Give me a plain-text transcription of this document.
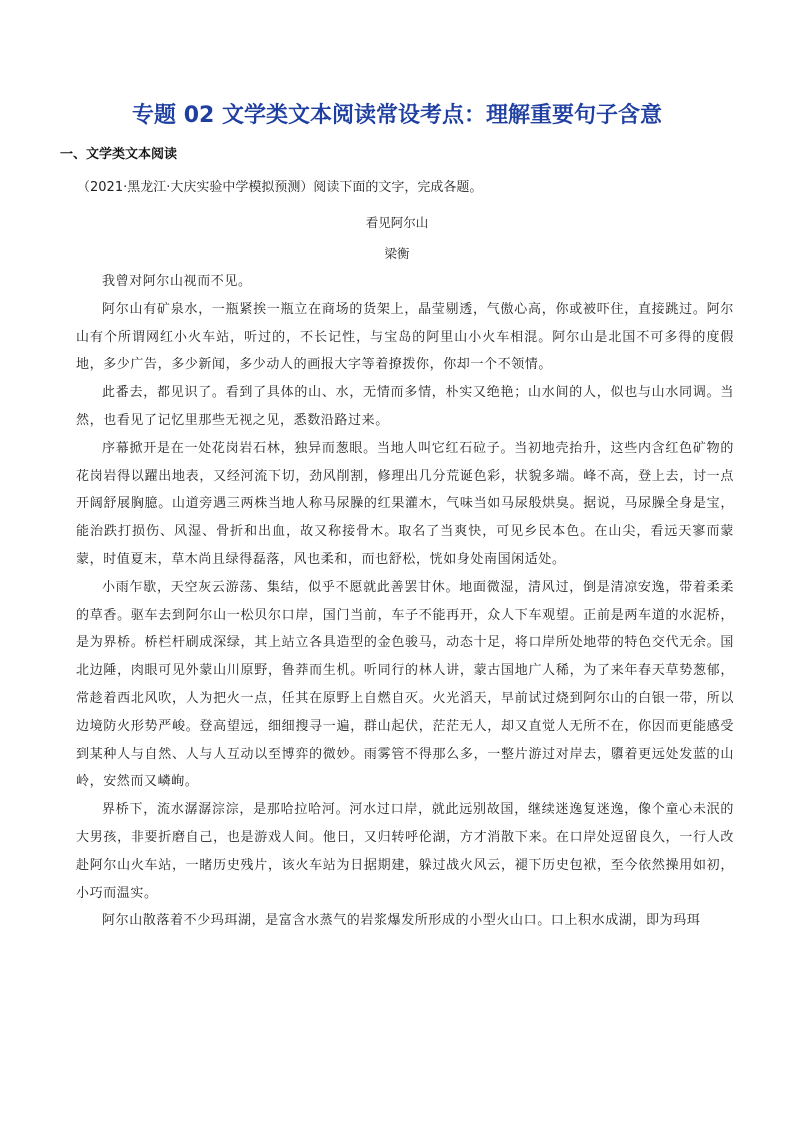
专题 02 文学类文本阅读常设考点：理解重要句子含意
一、文学类文本阅读
（2021·黑龙江·大庆实验中学模拟预测）阅读下面的文字，完成各题。
看见阿尔山
梁衡

我曾对阿尔山视而不见。

阿尔山有矿泉水，一瓶紧挨一瓶立在商场的货架上，晶莹剔透，气傲心高，你或被吓住，直接跳过。阿尔山有个所谓网红小火车站，听过的，不长记性，与宝岛的阿里山小火车相混。阿尔山是北国不可多得的度假地，多少广告，多少新闻，多少动人的画报大字等着撩拨你，你却一个不领情。

此番去，都见识了。看到了具体的山、水，无情而多情，朴实又绝艳；山水间的人，似也与山水同调。当然，也看见了记忆里那些无视之见，悉数沿路过来。

序幕掀开是在一处花岗岩石林，独异而葱眼。当地人叫它红石砬子。当初地壳抬升，这些内含红色矿物的花岗岩得以躍出地表，又经河流下切，劲风削割，修理出几分荒诞色彩，状貌多端。峰不高，登上去，讨一点开阔舒展胸臆。山道旁遇三两株当地人称马尿臊的红果灌木，气味当如马尿般烘臭。据说，马尿臊全身是宝，能治跌打损伤、风湿、骨折和出血，故又称接骨木。取名了当爽快，可见乡民本色。在山尖，看远天寥而蒙蒙，时值夏末，草木尚且绿得磊落，风也柔和，而也舒松，恍如身处南国闲适处。

小雨乍歇，天空灰云游荡、集结，似乎不愿就此善罢甘休。地面微湿，清风过，倒是清凉安逸，带着柔柔的草香。驱车去到阿尔山一松贝尔口岸，国门当前，车子不能再开，众人下车观望。正前是两车道的水泥桥，是为界桥。桥栏杆刷成深绿，其上站立各具造型的金色骏马，动态十足，将口岸所处地带的特色交代无余。国北边陲，肉眼可见外蒙山川原野，鲁莽而生机。听同行的林人讲，蒙古国地广人稀，为了来年春天草势葱郁，常趁着西北风吹，人为把火一点，任其在原野上自燃自灭。火光滔天，早前试过烧到阿尔山的白银一带，所以边境防火形势严峻。登高望远，细细搜寻一遍，群山起伏，茫茫无人，却又直觉人无所不在，你因而更能感受到某种人与自然、人与人互动以至博弈的微妙。雨雾管不得那么多，一整片游过对岸去，隳着更远处发蓝的山岭，安然而又嶙峋。

界桥下，流水潺潺淙淙，是那哈拉哈河。河水过口岸，就此远别故国，继续迷逸复迷逸，像个童心未泯的大男孩，非要折磨自己，也是游戏人间。他日，又归转呼伦湖，方才消散下来。在口岸处逗留良久，一行人改赴阿尔山火车站，一睹历史残片，该火车站为日据期建，躲过战火风云，褪下历史包袱，至今依然操用如初，小巧而温实。

阿尔山散落着不少玛珥湖，是富含水蒸气的岩浆爆发所形成的小型火山口。口上积水成湖，即为玛珥
